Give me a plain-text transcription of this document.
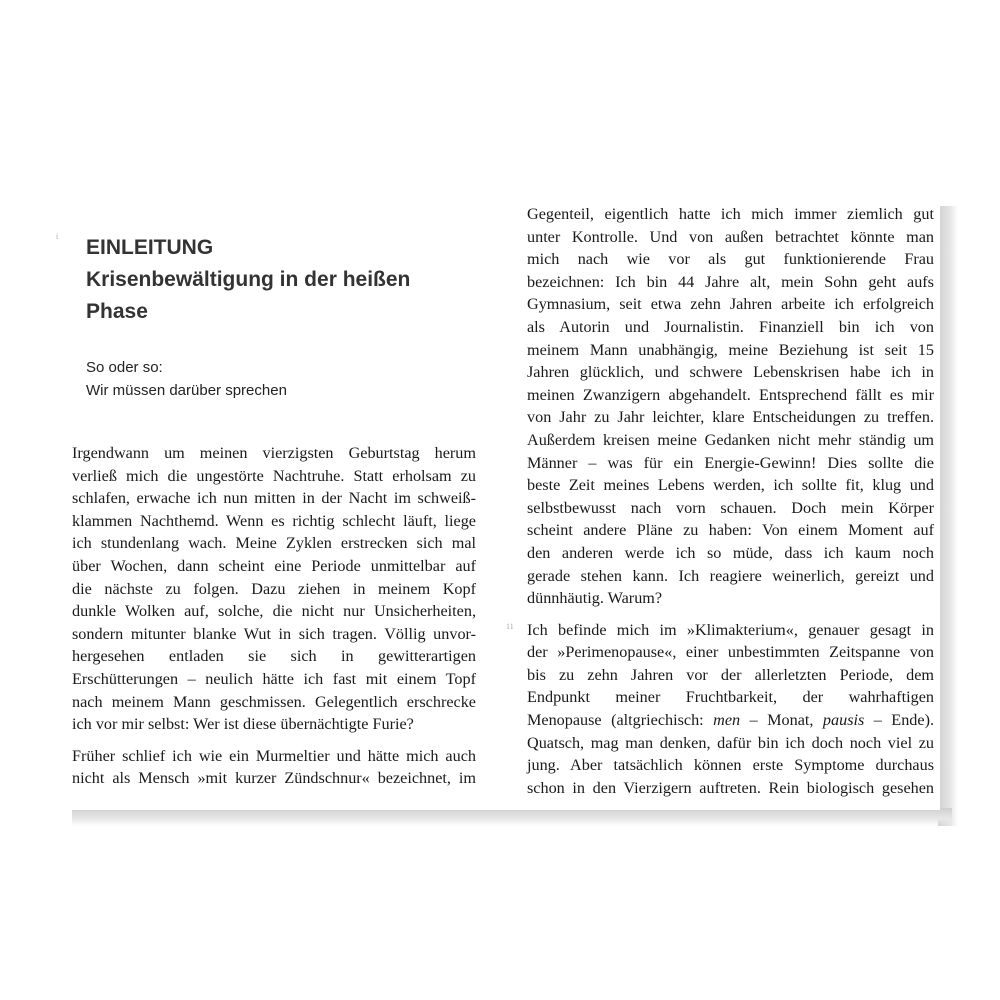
i EINLEITUNG
Krisenbewältigung in der heißen Phase
So oder so:
Wir müssen darüber sprechen

Irgendwann um meinen vierzigsten Geburtstag herum
verließ mich die ungestörte Nachtruhe. Statt erholsam zu
schlafen, erwache ich nun mitten in der Nacht im schweiß-
klammen Nachthemd. Wenn es richtig schlecht läuft, liege
ich stundenlang wach. Meine Zyklen erstrecken sich mal
über Wochen, dann scheint eine Periode unmittelbar auf
die nächste zu folgen. Dazu ziehen in meinem Kopf
dunkle Wolken auf, solche, die nicht nur Unsicherheiten,
sondern mitunter blanke Wut in sich tragen. Völlig unvor-
hergesehen entladen sie sich in gewitterartigen
Erschütterungen – neulich hätte ich fast mit einem Topf
nach meinem Mann geschmissen. Gelegentlich erschrecke
ich vor mir selbst: Wer ist diese übernächtigte Furie?

Früher schlief ich wie ein Murmeltier und hätte mich auch
nicht als Mensch »mit kurzer Zündschnur« bezeichnet, im

11

Gegenteil, eigentlich hatte ich mich immer ziemlich gut
unter Kontrolle. Und von außen betrachtet könnte man
mich nach wie vor als gut funktionierende Frau
bezeichnen: Ich bin 44 Jahre alt, mein Sohn geht aufs
Gymnasium, seit etwa zehn Jahren arbeite ich erfolgreich
als Autorin und Journalistin. Finanziell bin ich von
meinem Mann unabhängig, meine Beziehung ist seit 15
Jahren glücklich, und schwere Lebenskrisen habe ich in
meinen Zwanzigern abgehandelt. Entsprechend fällt es mir
von Jahr zu Jahr leichter, klare Entscheidungen zu treffen.
Außerdem kreisen meine Gedanken nicht mehr ständig um
Männer – was für ein Energie-Gewinn! Dies sollte die
beste Zeit meines Lebens werden, ich sollte fit, klug und
selbstbewusst nach vorn schauen. Doch mein Körper
scheint andere Pläne zu haben: Von einem Moment auf
den anderen werde ich so müde, dass ich kaum noch
gerade stehen kann. Ich reagiere weinerlich, gereizt und
dünnhäutig. Warum?

Ich befinde mich im »Klimakterium«, genauer gesagt in
der »Perimenopause«, einer unbestimmten Zeitspanne von
bis zu zehn Jahren vor der allerletzten Periode, dem
Endpunkt meiner Fruchtbarkeit, der wahrhaftigen
Menopause (altgriechisch: men – Monat, pausis – Ende).
Quatsch, mag man denken, dafür bin ich doch noch viel zu
jung. Aber tatsächlich können erste Symptome durchaus
schon in den Vierzigern auftreten. Rein biologisch gesehen
